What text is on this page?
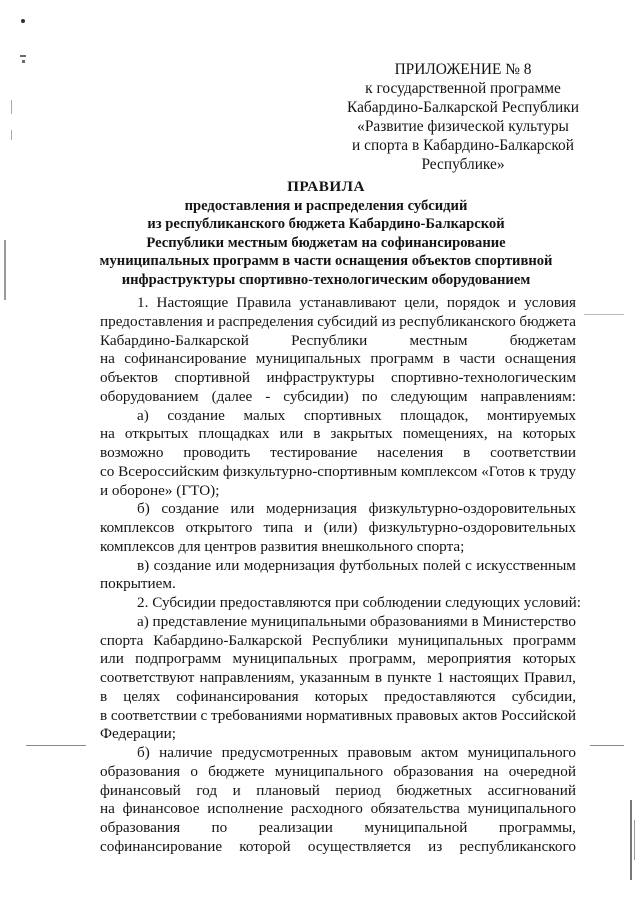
ПРИЛОЖЕНИЕ № 8
к государственной программе
Кабардино-Балкарской Республики
«Развитие физической культуры
и спорта в Кабардино-Балкарской
Республике»
ПРАВИЛА
предоставления и распределения субсидий
из республиканского бюджета Кабардино-Балкарской
Республики местным бюджетам на софинансирование
муниципальных программ в части оснащения объектов спортивной
инфраструктуры спортивно-технологическим оборудованием
1. Настоящие Правила устанавливают цели, порядок и условия
предоставления и распределения субсидий из республиканского бюджета
Кабардино-Балкарской	Республики	местным	бюджетам
на софинансирование муниципальных программ в части оснащения
объектов спортивной инфраструктуры спортивно-технологическим
оборудованием (далее - субсидии) по следующим направлениям:
а) создание малых спортивных площадок, монтируемых
на открытых площадках или в закрытых помещениях, на которых
возможно проводить тестирование населения в соответствии
со Всероссийским физкультурно-спортивным комплексом «Готов к труду
и обороне» (ГТО);
б) создание или модернизация физкультурно-оздоровительных
комплексов открытого типа и (или) физкультурно-оздоровительных
комплексов для центров развития внешкольного спорта;
в) создание или модернизация футбольных полей с искусственным
покрытием.
2. Субсидии предоставляются при соблюдении следующих условий:
а) представление муниципальными образованиями в Министерство
спорта Кабардино-Балкарской Республики муниципальных программ
или подпрограмм муниципальных программ, мероприятия которых
соответствуют направлениям, указанным в пункте 1 настоящих Правил,
в целях софинансирования которых предоставляются субсидии,
в соответствии с требованиями нормативных правовых актов Российской
Федерации;
б) наличие предусмотренных правовым актом муниципального
образования о бюджете муниципального образования на очередной
финансовый год и плановый период бюджетных ассигнований
на финансовое исполнение расходного обязательства муниципального
образования по реализации муниципальной программы,
софинансирование которой осуществляется из республиканского
